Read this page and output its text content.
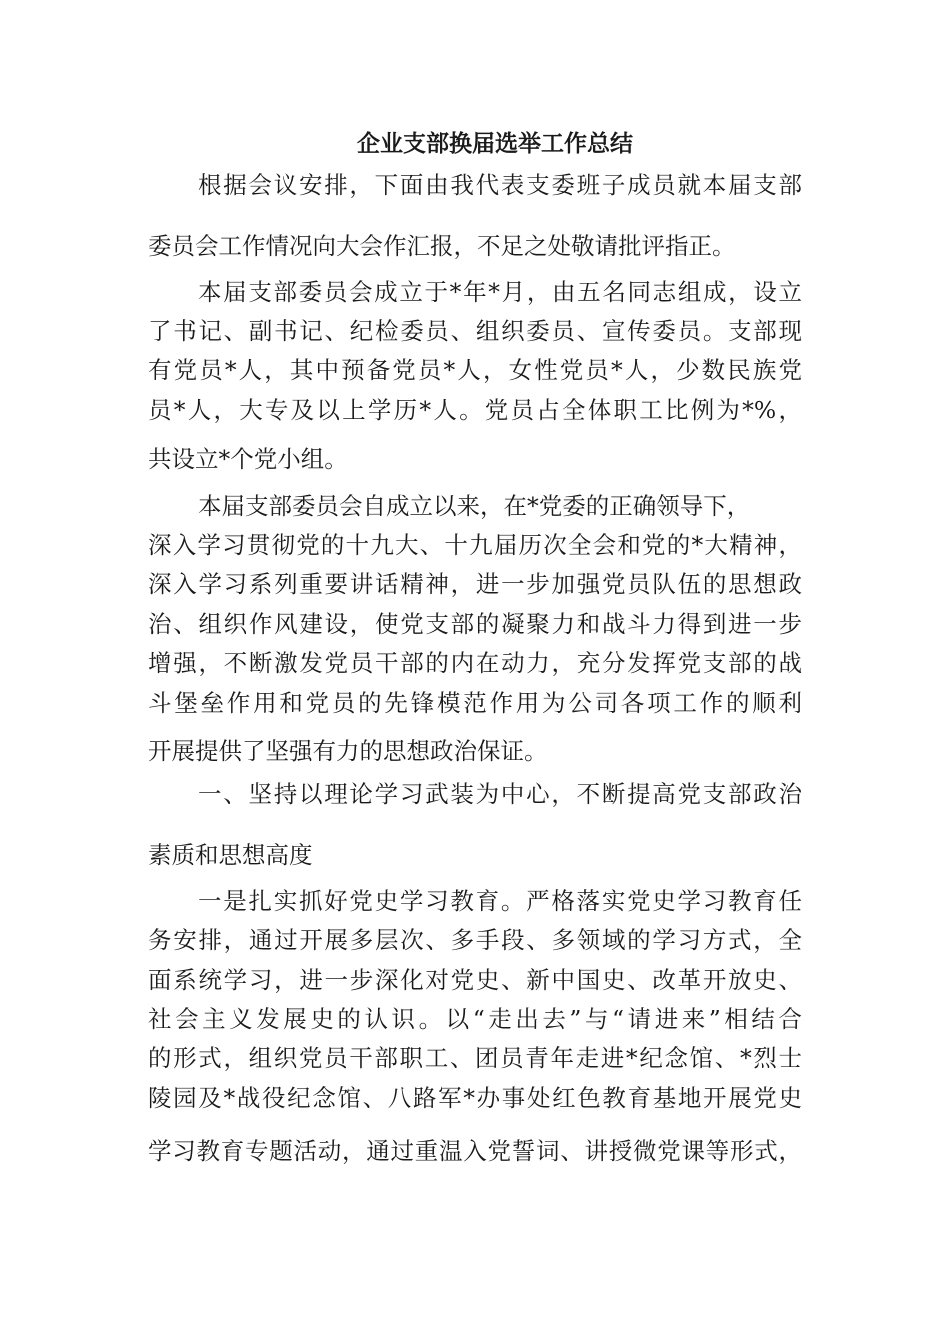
企业支部换届选举工作总结
根据会议安排，下面由我代表支委班子成员就本届支部
委员会工作情况向大会作汇报，不足之处敬请批评指正。
本届支部委员会成立于*年*月，由五名同志组成，设立
了书记、副书记、纪检委员、组织委员、宣传委员。支部现
有党员*人，其中预备党员*人，女性党员*人，少数民族党
员*人，大专及以上学历*人。党员占全体职工比例为*%，
共设立*个党小组。
本届支部委员会自成立以来，在*党委的正确领导下，
深入学习贯彻党的十九大、十九届历次全会和党的*大精神，
深入学习系列重要讲话精神，进一步加强党员队伍的思想政
治、组织作风建设，使党支部的凝聚力和战斗力得到进一步
增强，不断激发党员干部的内在动力，充分发挥党支部的战
斗堡垒作用和党员的先锋模范作用为公司各项工作的顺利
开展提供了坚强有力的思想政治保证。
一、坚持以理论学习武装为中心，不断提高党支部政治
素质和思想高度
一是扎实抓好党史学习教育。严格落实党史学习教育任
务安排，通过开展多层次、多手段、多领域的学习方式，全
面系统学习，进一步深化对党史、新中国史、改革开放史、
社会主义发展史的认识。以“走出去”与“请进来”相结合
的形式，组织党员干部职工、团员青年走进*纪念馆、*烈士
陵园及*战役纪念馆、八路军*办事处红色教育基地开展党史
学习教育专题活动，通过重温入党誓词、讲授微党课等形式，
